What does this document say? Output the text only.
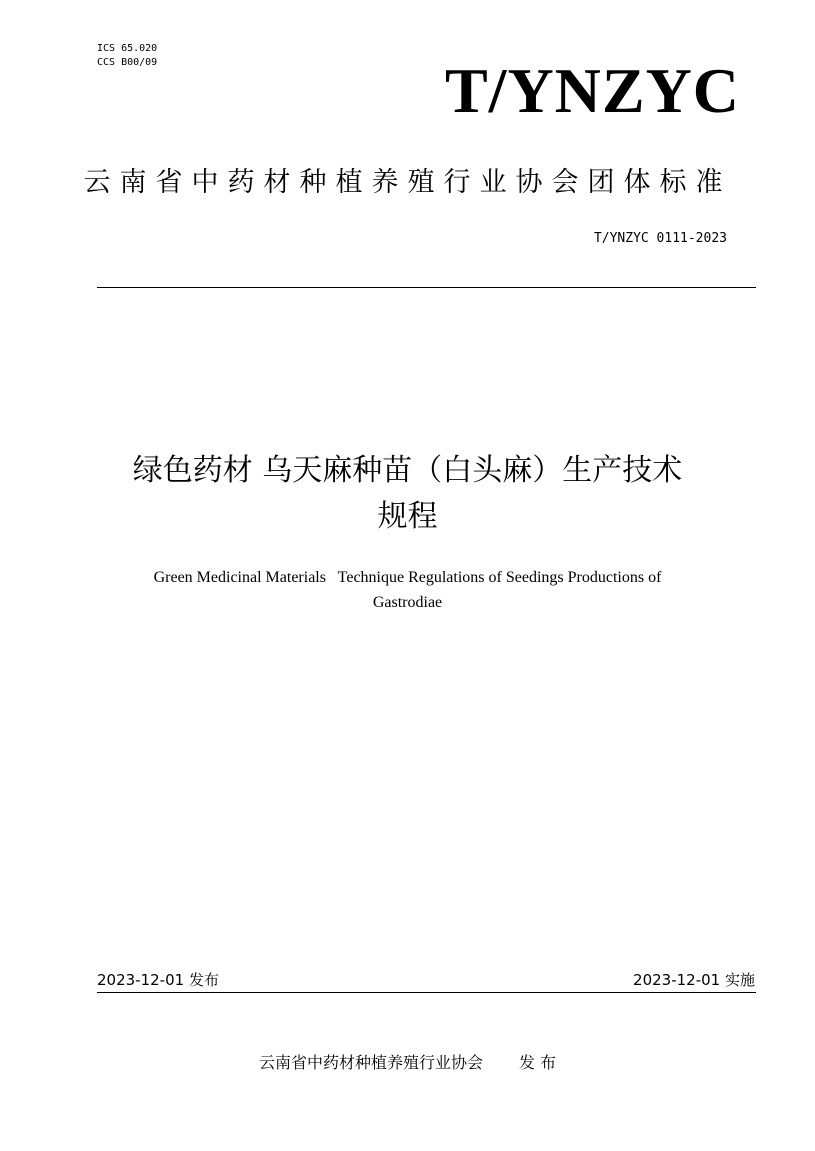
ICS 65.020
CCS B00/09	T/YNZYC
云南省中药材种植养殖行业协会团体标准
T/YNZYC 0111-2023
绿色药材 乌天麻种苗（白头麻）生产技术
规程
Green Medicinal Materials   Technique Regulations of Seedings Productions of
Gastrodiae
2023-12-01 发布	2023-12-01 实施
云南省中药材种植养殖行业协会 发 布
